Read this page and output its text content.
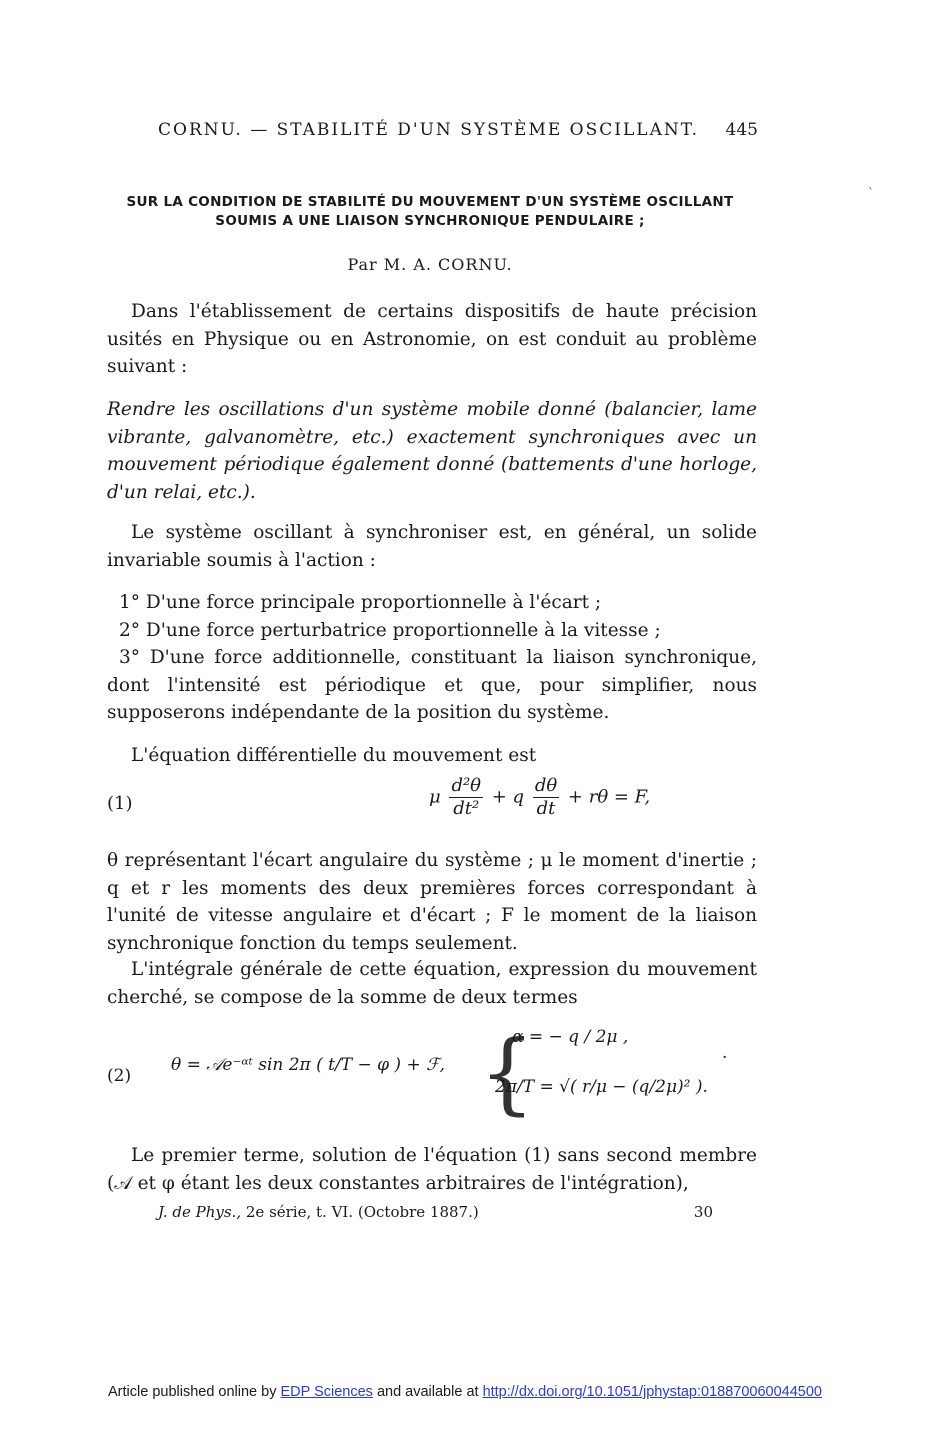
CORNU. — STABILITÉ D'UN SYSTÈME OSCILLANT. 445
`
SUR LA CONDITION DE STABILITÉ DU MOUVEMENT D'UN SYSTÈME OSCILLANT
SOUMIS A UNE LIAISON SYNCHRONIQUE PENDULAIRE ;
Par M. A. CORNU.

Dans l'établissement de certains dispositifs de haute précision usités en Physique ou en Astronomie, on est conduit au problème suivant :

Rendre les oscillations d'un système mobile donné (balancier, lame vibrante, galvanomètre, etc.) exactement synchroniques avec un mouvement périodique également donné (battements d'une horloge, d'un relai, etc.).

Le système oscillant à synchroniser est, en général, un solide invariable soumis à l'action :

1° D'une force principale proportionnelle à l'écart ;
2° D'une force perturbatrice proportionnelle à la vitesse ;
3° D'une force additionnelle, constituant la liaison synchronique, dont l'intensité est périodique et que, pour simplifier, nous supposerons indépendante de la position du système.

L'équation différentielle du mouvement est

(1)	μ $\frac{\text{d²θ}}{\text{dt²}} + q \frac{d\theta}{dt} + r\theta = F$,

θ représentant l'écart angulaire du système ; μ le moment d'inertie ; q et r les moments des deux premières forces correspondant à l'unité de vitesse angulaire et d'écart ; F le moment de la liaison synchronique fonction du temps seulement.

L'intégrale générale de cette équation, expression du mouvement cherché, se compose de la somme de deux termes

(2)
θ = 𝒜e⁻ᵅᵗ sin 2π ( t/T − φ ) + ℱ, {
α = − q / 2μ ,
2π/T = √( r/μ − (q/2μ)² ).
.

Le premier terme, solution de l'équation (1) sans second membre (𝒜 et φ étant les deux constantes arbitraires de l'intégration),

J. de Phys., 2e série, t. VI. (Octobre 1887.)	30
Article published online by EDP Sciences and available at http://dx.doi.org/10.1051/jphystap:018870060044500
